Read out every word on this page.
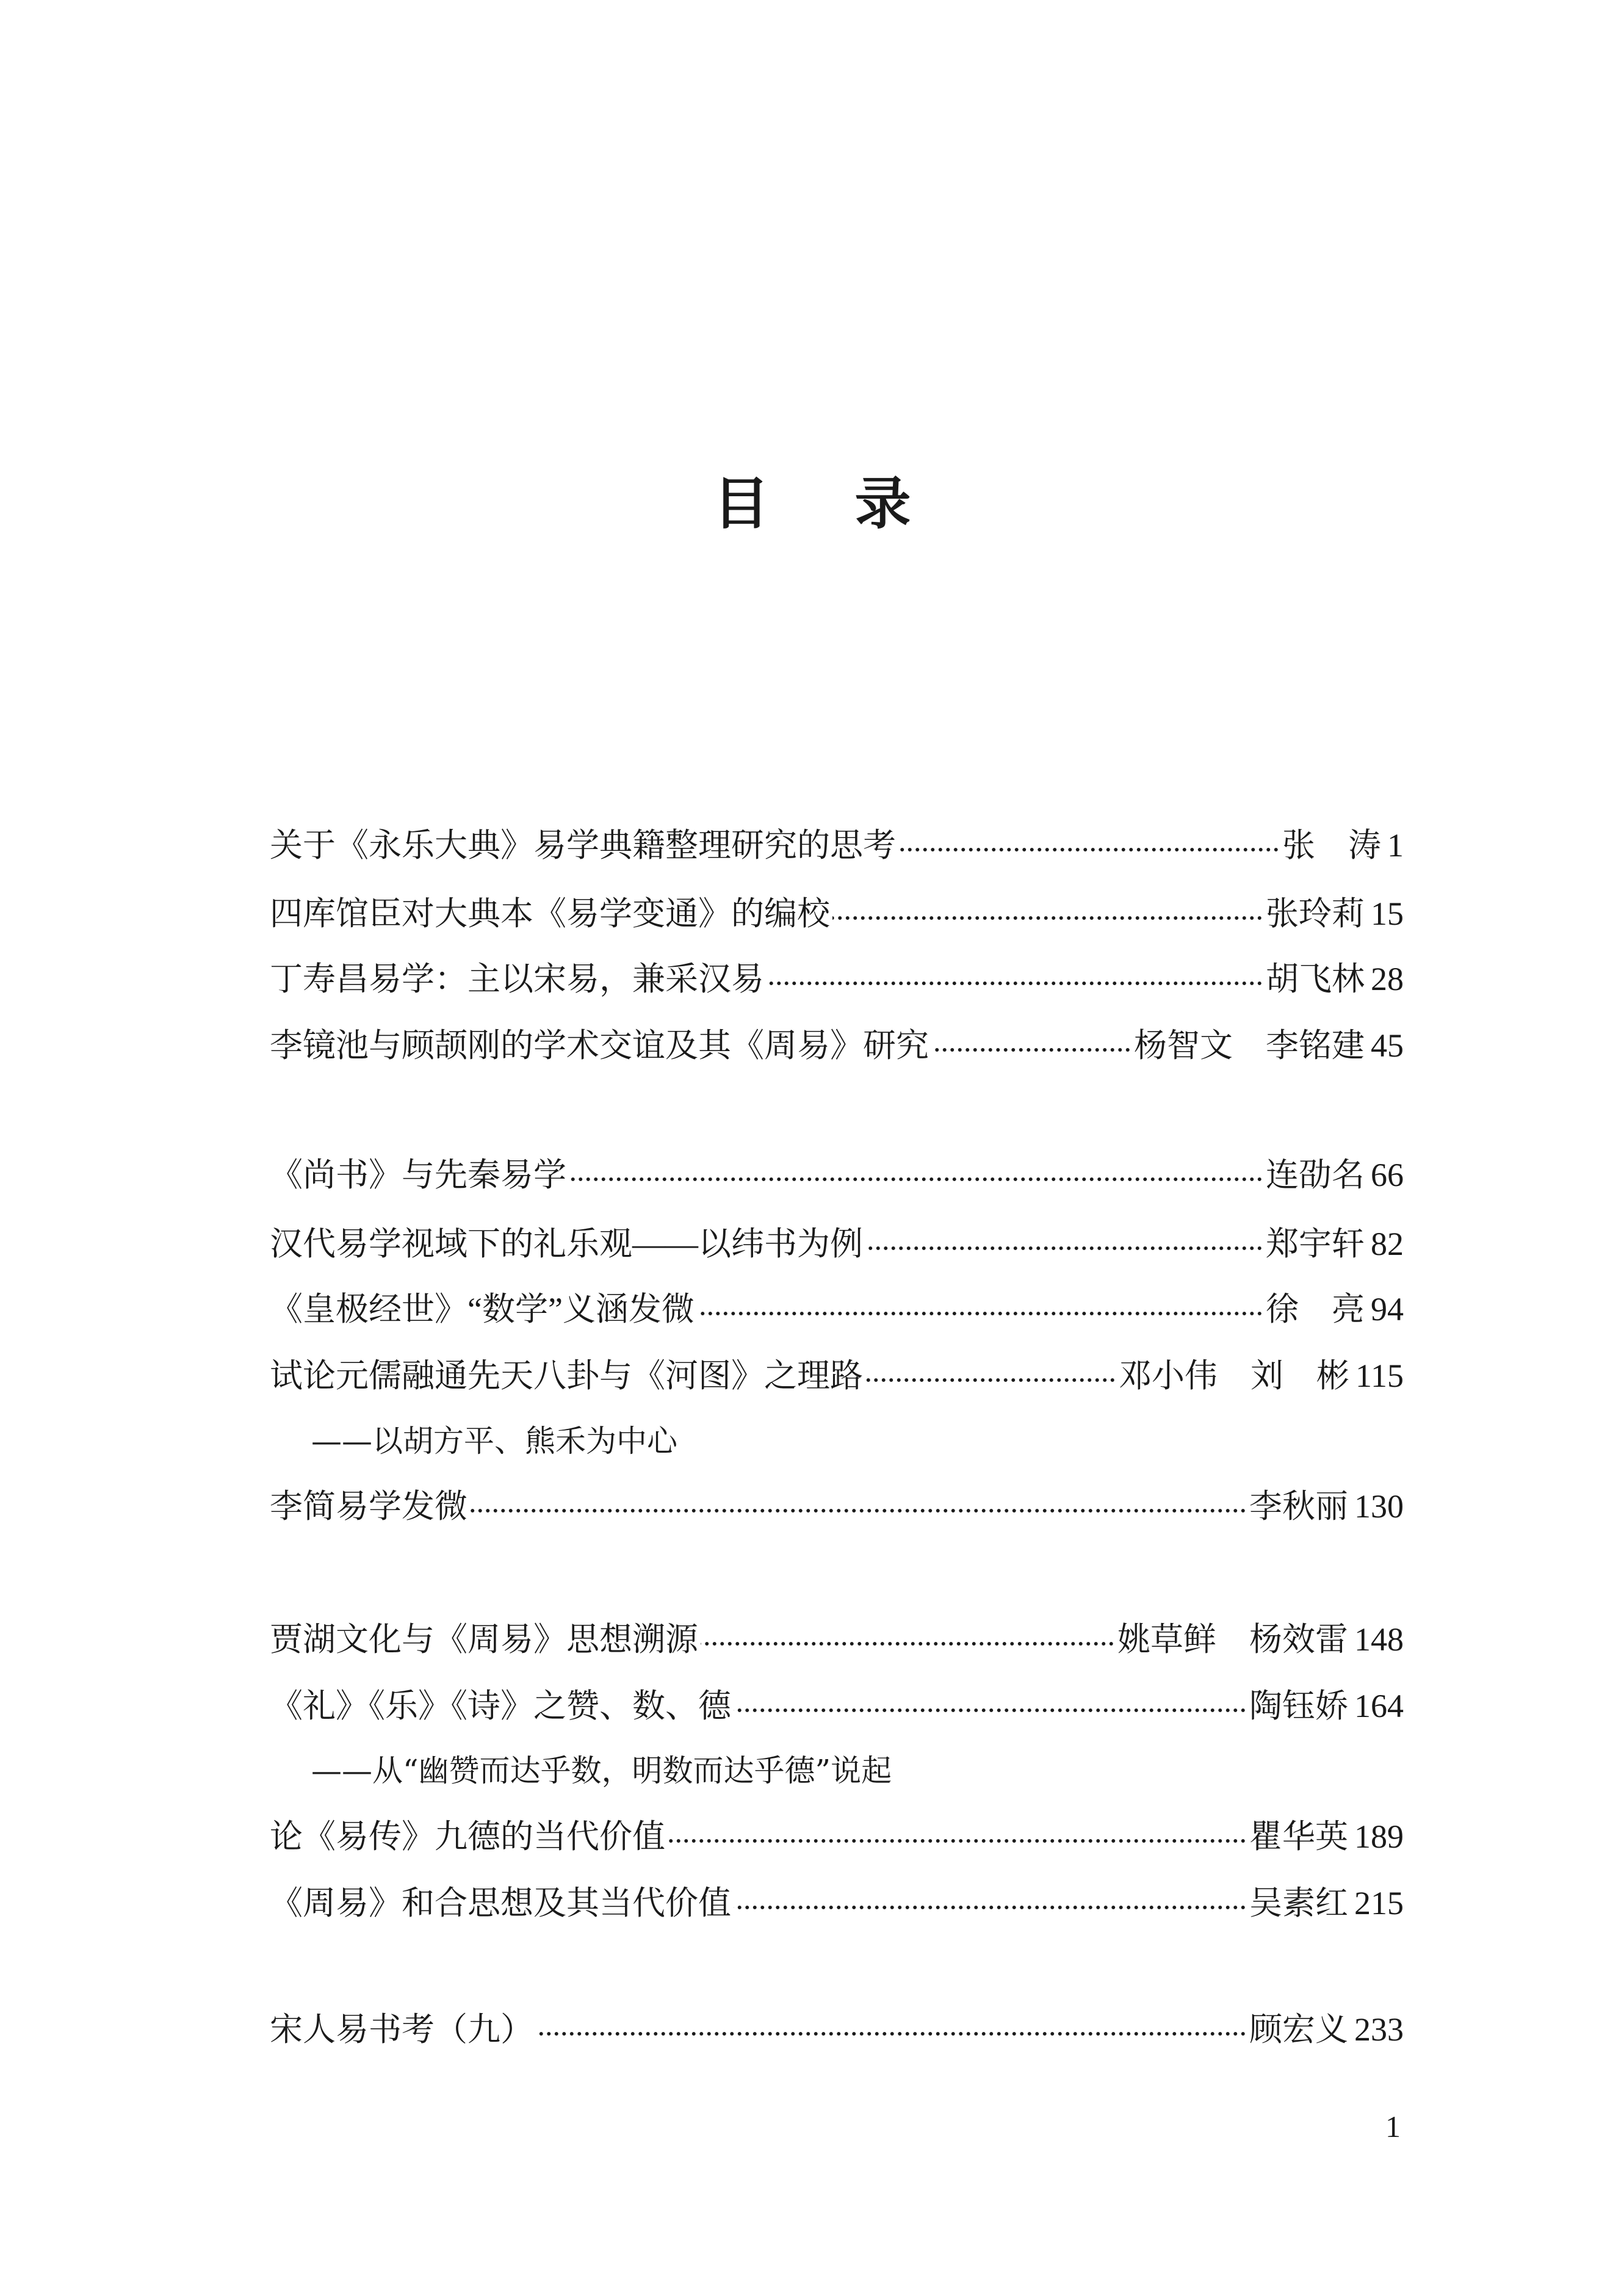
目 录
关于《永乐大典》易学典籍整理研究的思考	张　涛 1
四库馆臣对大典本《易学变通》的编校	张玲莉 15
丁寿昌易学：主以宋易，兼采汉易	胡飞林 28
李镜池与顾颉刚的学术交谊及其《周易》研究	杨智文　李铭建 45
《尚书》与先秦易学	连劭名 66
汉代易学视域下的礼乐观——以纬书为例	郑宇轩 82
《皇极经世》“数学”义涵发微	徐　亮 94
试论元儒融通先天八卦与《河图》之理路	邓小伟　刘　彬 115
——以胡方平、熊禾为中心
李简易学发微	李秋丽 130
贾湖文化与《周易》思想溯源	姚草鲜　杨效雷 148
《礼》《乐》《诗》之赞、数、德	陶钰娇 164
——从“幽赞而达乎数，明数而达乎德”说起
论《易传》九德的当代价值	瞿华英 189
《周易》和合思想及其当代价值	吴素红 215
宋人易书考（九）	顾宏义 233
1
